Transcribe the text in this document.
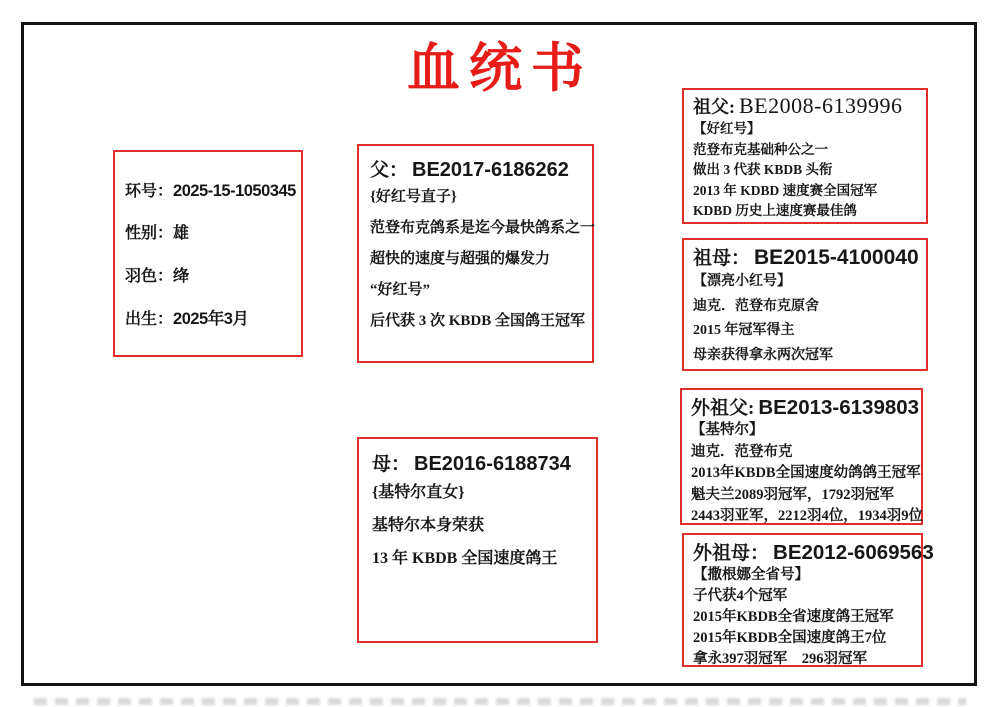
血统书
环号：2025-15-1050345
性别：雄
羽色：绛
出生：2025年3月
父： BE2017-6186262
{好红号直子}
范登布克鸽系是迄今最快鸽系之一
超快的速度与超强的爆发力
“好红号”
后代获 3 次 KBDB 全国鸽王冠军
母： BE2016-6188734
{基特尔直女}
基特尔本身荣获
13 年 KBDB 全国速度鸽王
祖父: BE2008-6139996
【好红号】
范登布克基础种公之一
做出 3 代获 KBDB 头衔
2013 年 KDBD 速度赛全国冠军
KDBD 历史上速度赛最佳鸽
祖母： BE2015-4100040
【漂亮小红号】
迪克．范登布克原舍
2015 年冠军得主
母亲获得拿永两次冠军
外祖父: BE2013-6139803
【基特尔】
迪克．范登布克
2013年KBDB全国速度幼鸽鸽王冠军
魁夫兰2089羽冠军，1792羽冠军
2443羽亚军，2212羽4位，1934羽9位
外祖母： BE2012-6069563
【撒根娜全省号】
子代获4个冠军
2015年KBDB全省速度鸽王冠军
2015年KBDB全国速度鸽王7位
拿永397羽冠军　296羽冠军
